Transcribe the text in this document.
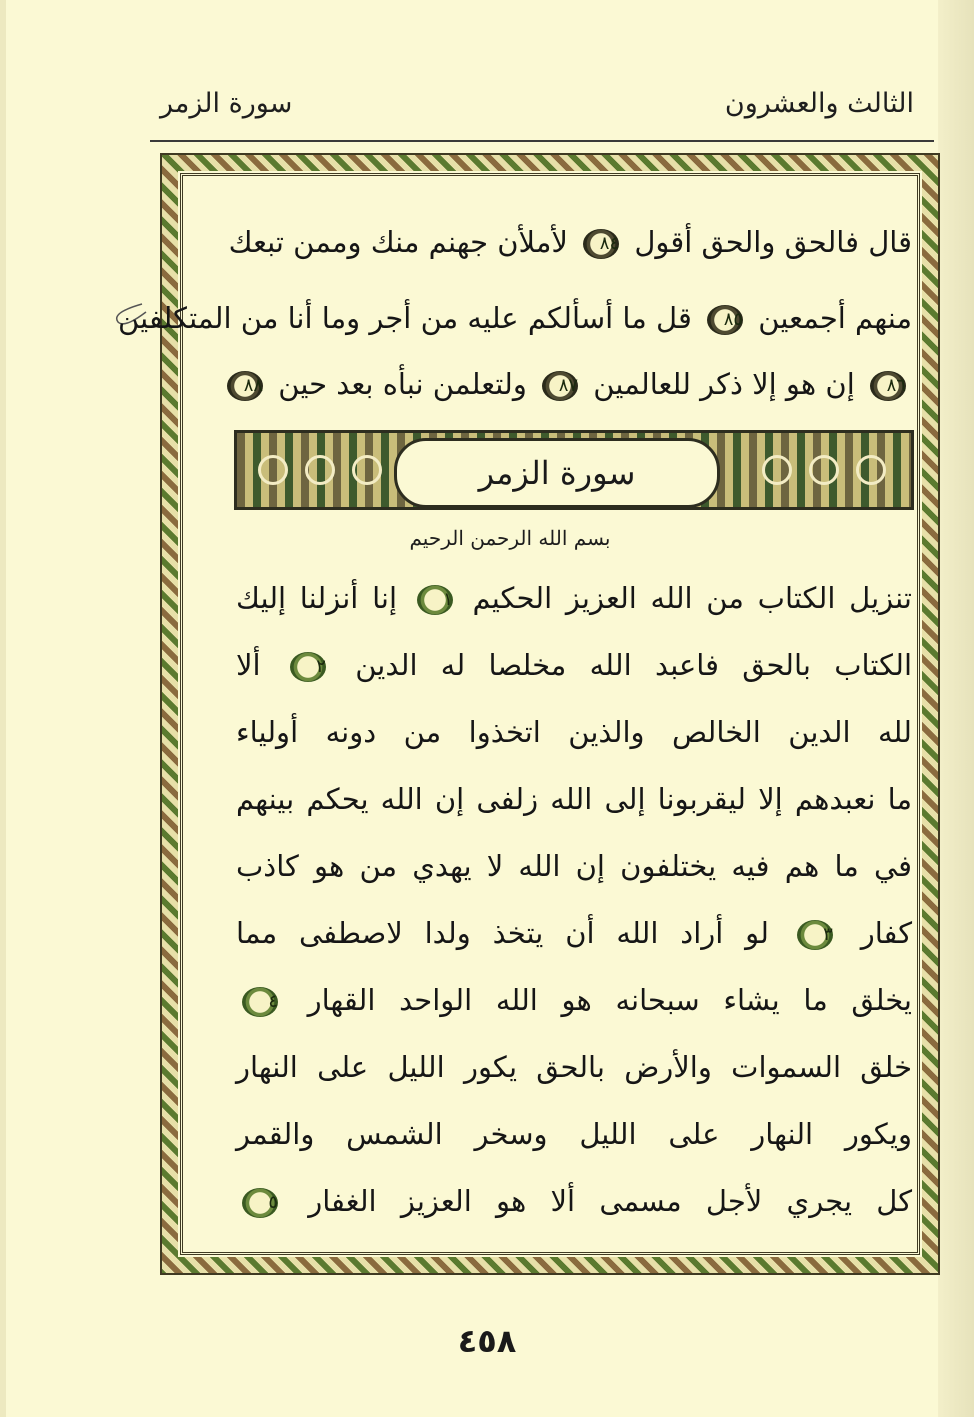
الثالث والعشرون
سورة الزمر
قال فالحق والحق أقول ٨٤ لأملأن جهنم منك وممن تبعك
منهم أجمعين ٨٥ قل ما أسألكم عليه من أجر وما أنا من المتكلفين
٨٦ إن هو إلا ذكر للعالمين ٨٧ ولتعلمن نبأه بعد حين ٨٨
سورة الزمر
بسم الله الرحمن الرحيم
تنزيل الكتاب من الله العزيز الحكيم ١ إنا أنزلنا إليك
الكتاب بالحق فاعبد الله مخلصا له الدين ٢ ألا
لله الدين الخالص والذين اتخذوا من دونه أولياء
ما نعبدهم إلا ليقربونا إلى الله زلفى إن الله يحكم بينهم
في ما هم فيه يختلفون إن الله لا يهدي من هو كاذب
كفار ٣ لو أراد الله أن يتخذ ولدا لاصطفى مما
يخلق ما يشاء سبحانه هو الله الواحد القهار ٤
خلق السموات والأرض بالحق يكور الليل على النهار
ويكور النهار على الليل وسخر الشمس والقمر
كل يجري لأجل مسمى ألا هو العزيز الغفار ٥
٤٥٨
